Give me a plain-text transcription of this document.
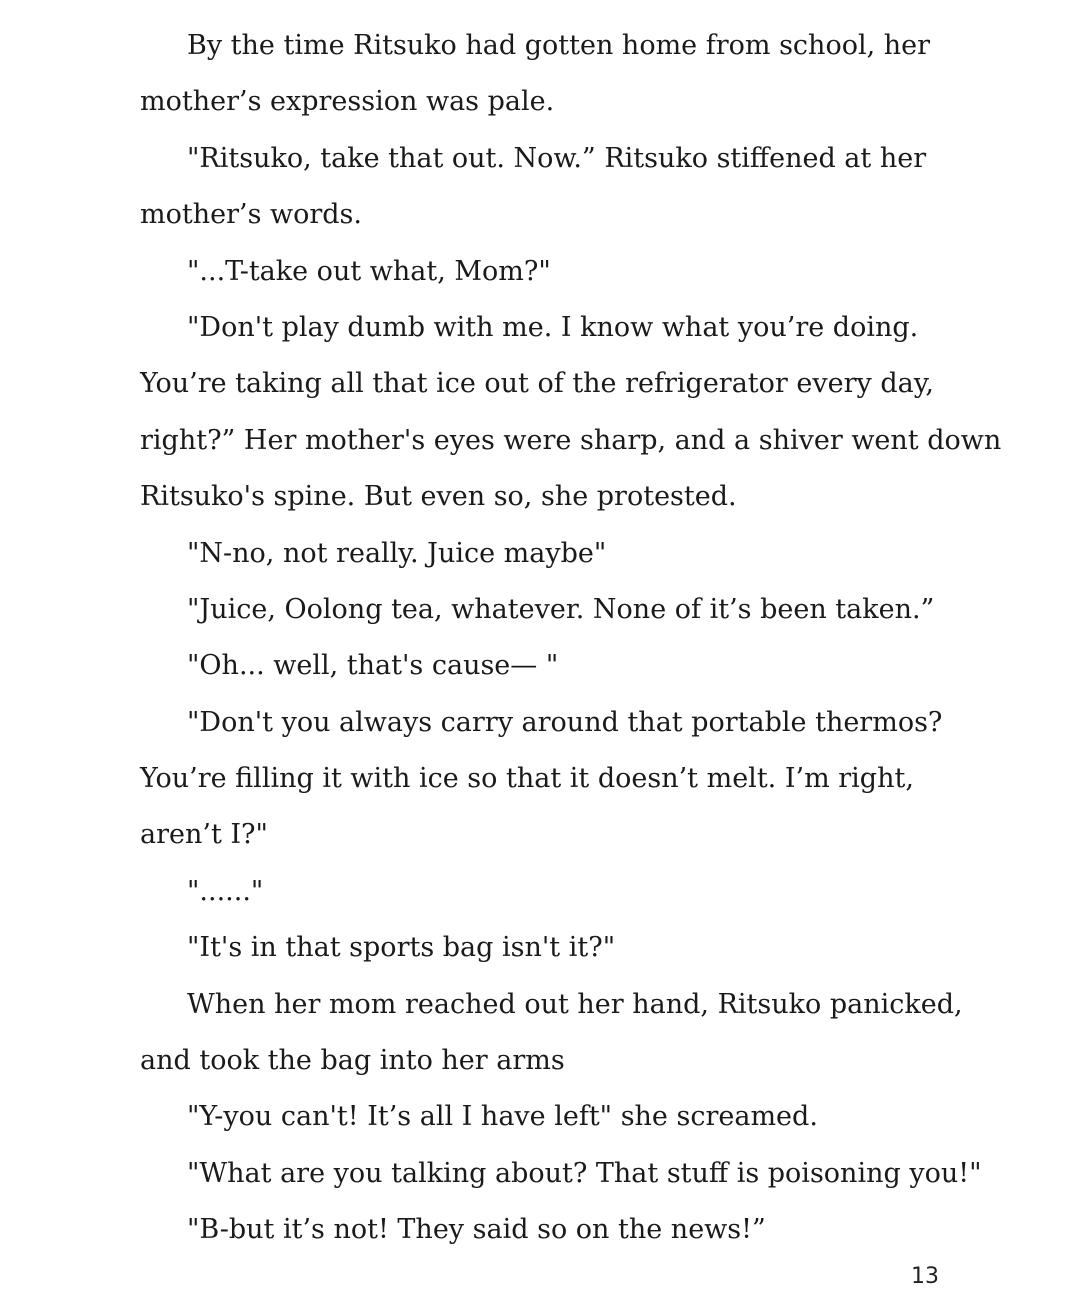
By the time Ritsuko had gotten home from school, her
mother’s expression was pale.
"Ritsuko, take that out. Now.” Ritsuko stiffened at her
mother’s words.
"...T-take out what, Mom?"
"Don't play dumb with me. I know what you’re doing.
You’re taking all that ice out of the refrigerator every day,
right?” Her mother's eyes were sharp, and a shiver went down
Ritsuko's spine. But even so, she protested.
"N-no, not really. Juice maybe"
"Juice, Oolong tea, whatever. None of it’s been taken.”
"Oh... well, that's cause— "
"Don't you always carry around that portable thermos?
You’re filling it with ice so that it doesn’t melt. I’m right,
aren’t I?"
"......"
"It's in that sports bag isn't it?"
When her mom reached out her hand, Ritsuko panicked,
and took the bag into her arms
"Y-you can't! It’s all I have left" she screamed.
"What are you talking about? That stuff is poisoning you!"
"B-but it’s not! They said so on the news!”
13
